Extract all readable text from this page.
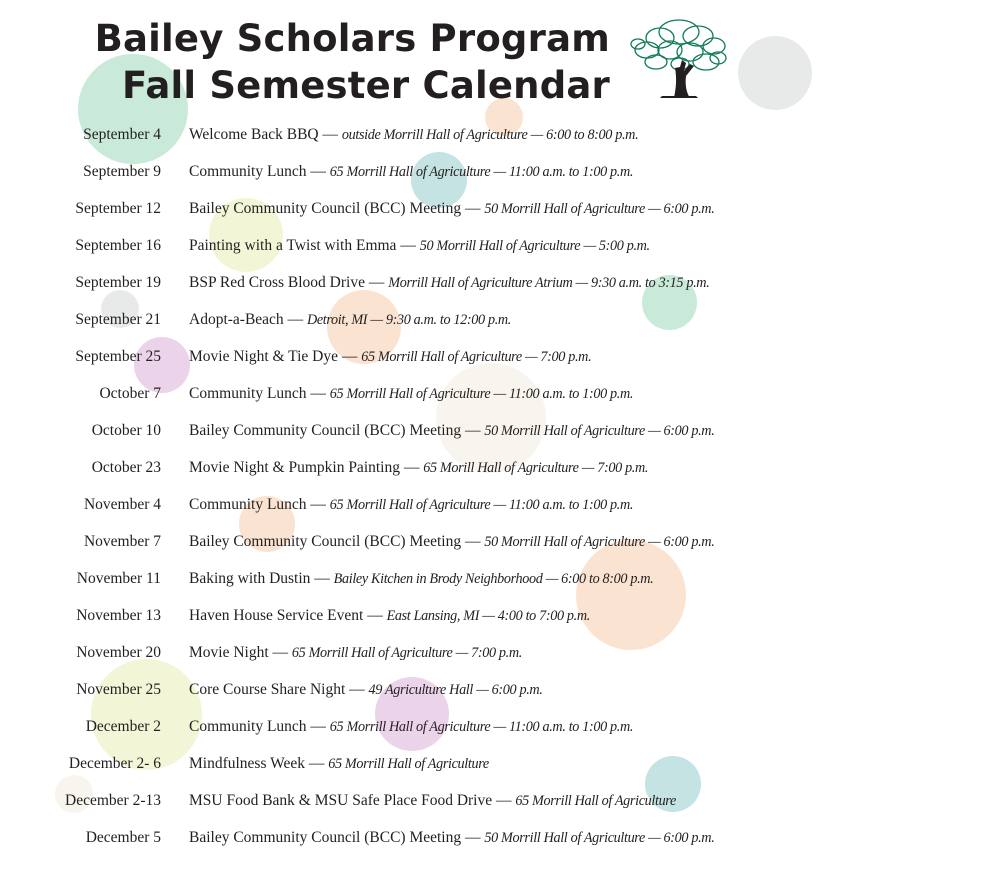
Bailey Scholars Program
Fall Semester Calendar
September 4 Welcome Back BBQ — outside Morrill Hall of Agriculture — 6:00 to 8:00 p.m.
September 9 Community Lunch — 65 Morrill Hall of Agriculture — 11:00 a.m. to 1:00 p.m.
September 12 Bailey Community Council (BCC) Meeting — 50 Morrill Hall of Agriculture — 6:00 p.m.
September 16 Painting with a Twist with Emma — 50 Morrill Hall of Agriculture — 5:00 p.m.
September 19 BSP Red Cross Blood Drive — Morrill Hall of Agriculture Atrium — 9:30 a.m. to 3:15 p.m.
September 21 Adopt-a-Beach — Detroit, MI — 9:30 a.m. to 12:00 p.m.
September 25 Movie Night & Tie Dye — 65 Morrill Hall of Agriculture — 7:00 p.m.
October 7 Community Lunch — 65 Morrill Hall of Agriculture — 11:00 a.m. to 1:00 p.m.
October 10 Bailey Community Council (BCC) Meeting — 50 Morrill Hall of Agriculture — 6:00 p.m.
October 23 Movie Night & Pumpkin Painting — 65 Morill Hall of Agriculture — 7:00 p.m.
November 4 Community Lunch — 65 Morrill Hall of Agriculture — 11:00 a.m. to 1:00 p.m.
November 7 Bailey Community Council (BCC) Meeting — 50 Morrill Hall of Agriculture — 6:00 p.m.
November 11 Baking with Dustin — Bailey Kitchen in Brody Neighborhood — 6:00 to 8:00 p.m.
November 13 Haven House Service Event — East Lansing, MI — 4:00 to 7:00 p.m.
November 20 Movie Night — 65 Morrill Hall of Agriculture — 7:00 p.m.
November 25 Core Course Share Night — 49 Agriculture Hall — 6:00 p.m.
December 2 Community Lunch — 65 Morrill Hall of Agriculture — 11:00 a.m. to 1:00 p.m.
December 2- 6 Mindfulness Week — 65 Morrill Hall of Agriculture
December 2-13 MSU Food Bank & MSU Safe Place Food Drive — 65 Morrill Hall of Agriculture
December 5 Bailey Community Council (BCC) Meeting — 50 Morrill Hall of Agriculture — 6:00 p.m.
